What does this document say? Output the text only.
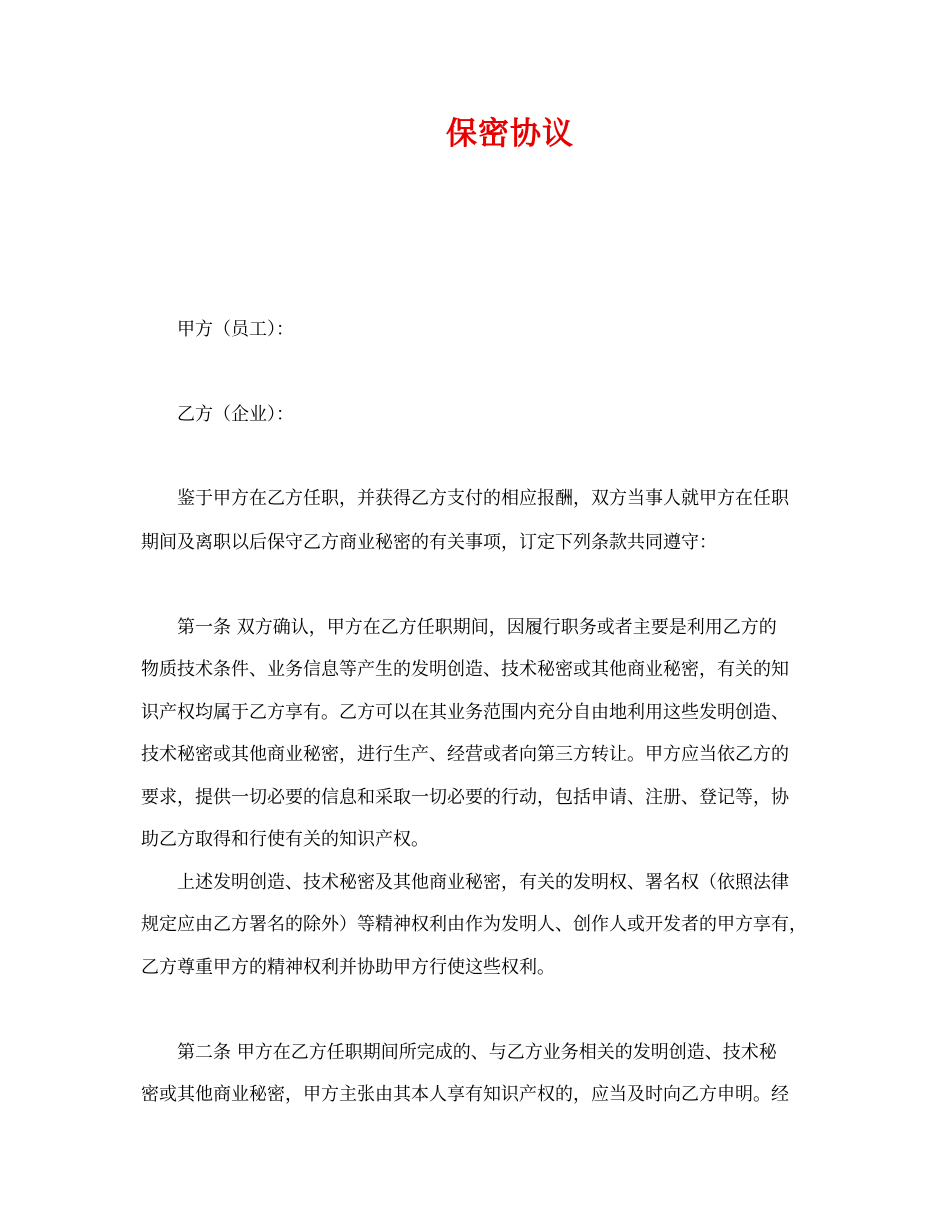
保密协议
甲方（员工）：
乙方（企业）：
鉴于甲方在乙方任职，并获得乙方支付的相应报酬，双方当事人就甲方在任职
期间及离职以后保守乙方商业秘密的有关事项，订定下列条款共同遵守：
第一条 双方确认，甲方在乙方任职期间，因履行职务或者主要是利用乙方的
物质技术条件、业务信息等产生的发明创造、技术秘密或其他商业秘密，有关的知
识产权均属于乙方享有。乙方可以在其业务范围内充分自由地利用这些发明创造、
技术秘密或其他商业秘密，进行生产、经营或者向第三方转让。甲方应当依乙方的
要求，提供一切必要的信息和采取一切必要的行动，包括申请、注册、登记等，协
助乙方取得和行使有关的知识产权。
上述发明创造、技术秘密及其他商业秘密，有关的发明权、署名权（依照法律
规定应由乙方署名的除外）等精神权利由作为发明人、创作人或开发者的甲方享有，
乙方尊重甲方的精神权利并协助甲方行使这些权利。
第二条 甲方在乙方任职期间所完成的、与乙方业务相关的发明创造、技术秘
密或其他商业秘密，甲方主张由其本人享有知识产权的，应当及时向乙方申明。经
